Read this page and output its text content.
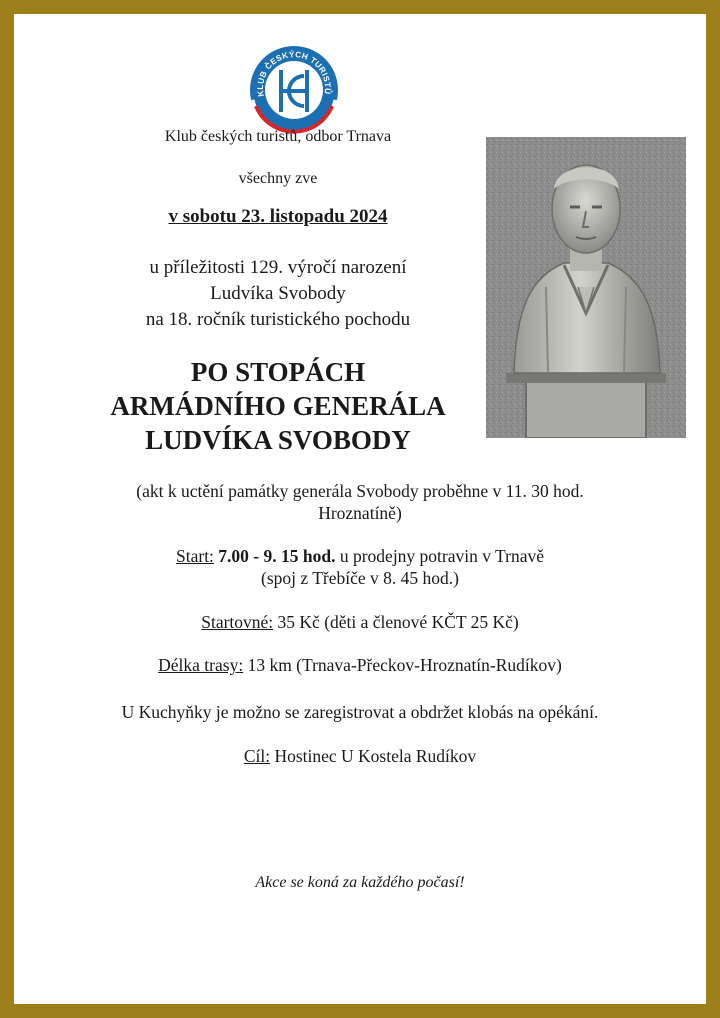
KLUB ČESKÝCH TURISTŮ
Klub českých turistů, odbor Trnava
všechny zve
v sobotu 23. listopadu 2024
u příležitosti 129. výročí narození
Ludvíka Svobody
na 18. ročník turistického pochodu
PO STOPÁCH
ARMÁDNÍHO GENERÁLA
LUDVÍKA SVOBODY
(akt k uctění památky generála Svobody proběhne v 11. 30 hod.
Hroznatíně)
Start: 7.00 - 9. 15 hod. u prodejny potravin v Trnavě
(spoj z Třebíče v 8. 45 hod.)
Startovné: 35 Kč (děti a členové KČT 25 Kč)
Délka trasy: 13 km (Trnava-Přeckov-Hroznatín-Rudíkov)
U Kuchyňky je možno se zaregistrovat a obdržet klobás na opékání.
Cíl: Hostinec U Kostela Rudíkov
Akce se koná za každého počasí!
